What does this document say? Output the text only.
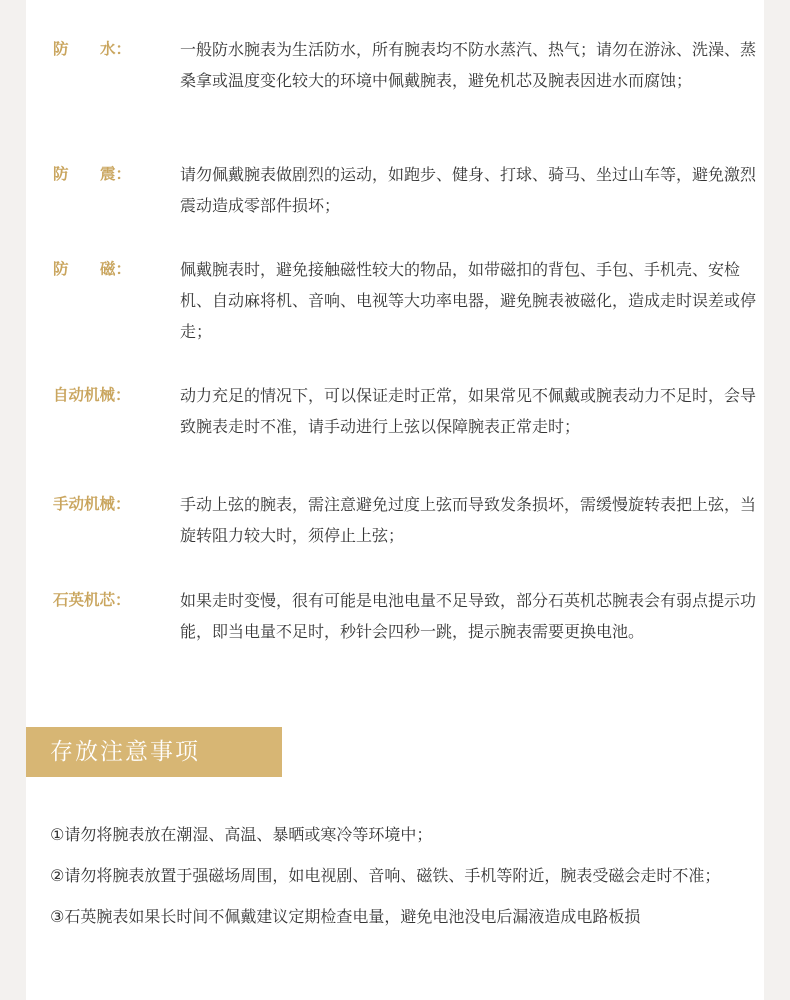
防 水：	一般防水腕表为生活防水，所有腕表均不防水蒸汽、热气；请勿在游泳、洗澡、蒸桑拿或温度变化较大的环境中佩戴腕表，避免机芯及腕表因进水而腐蚀；
防 震：	请勿佩戴腕表做剧烈的运动，如跑步、健身、打球、骑马、坐过山车等，避免激烈震动造成零部件损坏；
防 磁：	佩戴腕表时，避免接触磁性较大的物品，如带磁扣的背包、手包、手机壳、安检机、自动麻将机、音响、电视等大功率电器，避免腕表被磁化，造成走时误差或停走；
自动机械：	动力充足的情况下，可以保证走时正常，如果常见不佩戴或腕表动力不足时，会导致腕表走时不准，请手动进行上弦以保障腕表正常走时；
手动机械：	手动上弦的腕表，需注意避免过度上弦而导致发条损坏，需缓慢旋转表把上弦，当旋转阻力较大时，须停止上弦；
石英机芯：	如果走时变慢，很有可能是电池电量不足导致，部分石英机芯腕表会有弱点提示功能，即当电量不足时，秒针会四秒一跳，提示腕表需要更换电池。
存放注意事项

①请勿将腕表放在潮湿、高温、暴晒或寒冷等环境中；

②请勿将腕表放置于强磁场周围，如电视剧、音响、磁铁、手机等附近，腕表受磁会走时不准；

③石英腕表如果长时间不佩戴建议定期检查电量，避免电池没电后漏液造成电路板损
